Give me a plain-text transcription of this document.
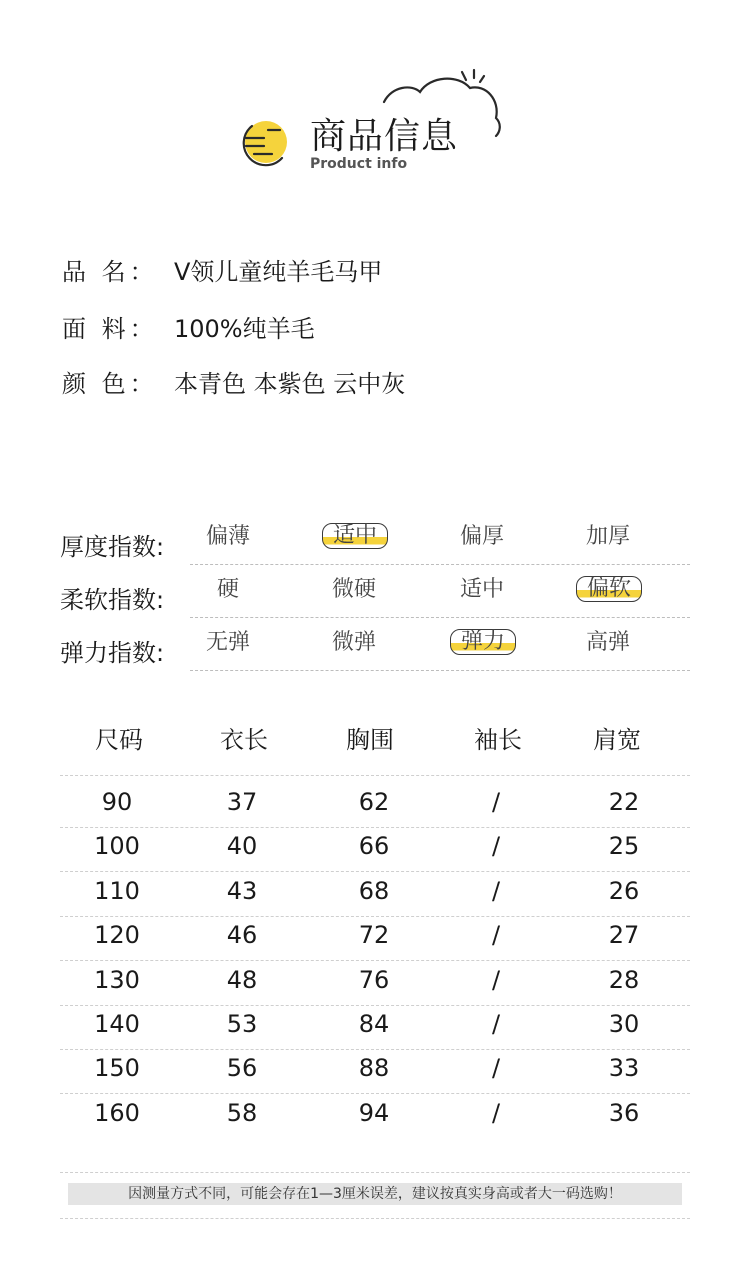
商品信息
Product info
品 名： V领儿童纯羊毛马甲
面 料： 100%纯羊毛
颜 色： 本青色 本紫色 云中灰
厚度指数:	偏薄	适中	偏厚	加厚
柔软指数:	硬	微硬	适中	偏软
弹力指数:	无弹	微弹	弹力	高弹
尺码	衣长	胸围	袖长	肩宽
90	37	62	/	22
100	40	66	/	25
110	43	68	/	26
120	46	72	/	27
130	48	76	/	28
140	53	84	/	30
150	56	88	/	33
160	58	94	/	36
因测量方式不同，可能会存在1—3厘米误差，建议按真实身高或者大一码选购！
